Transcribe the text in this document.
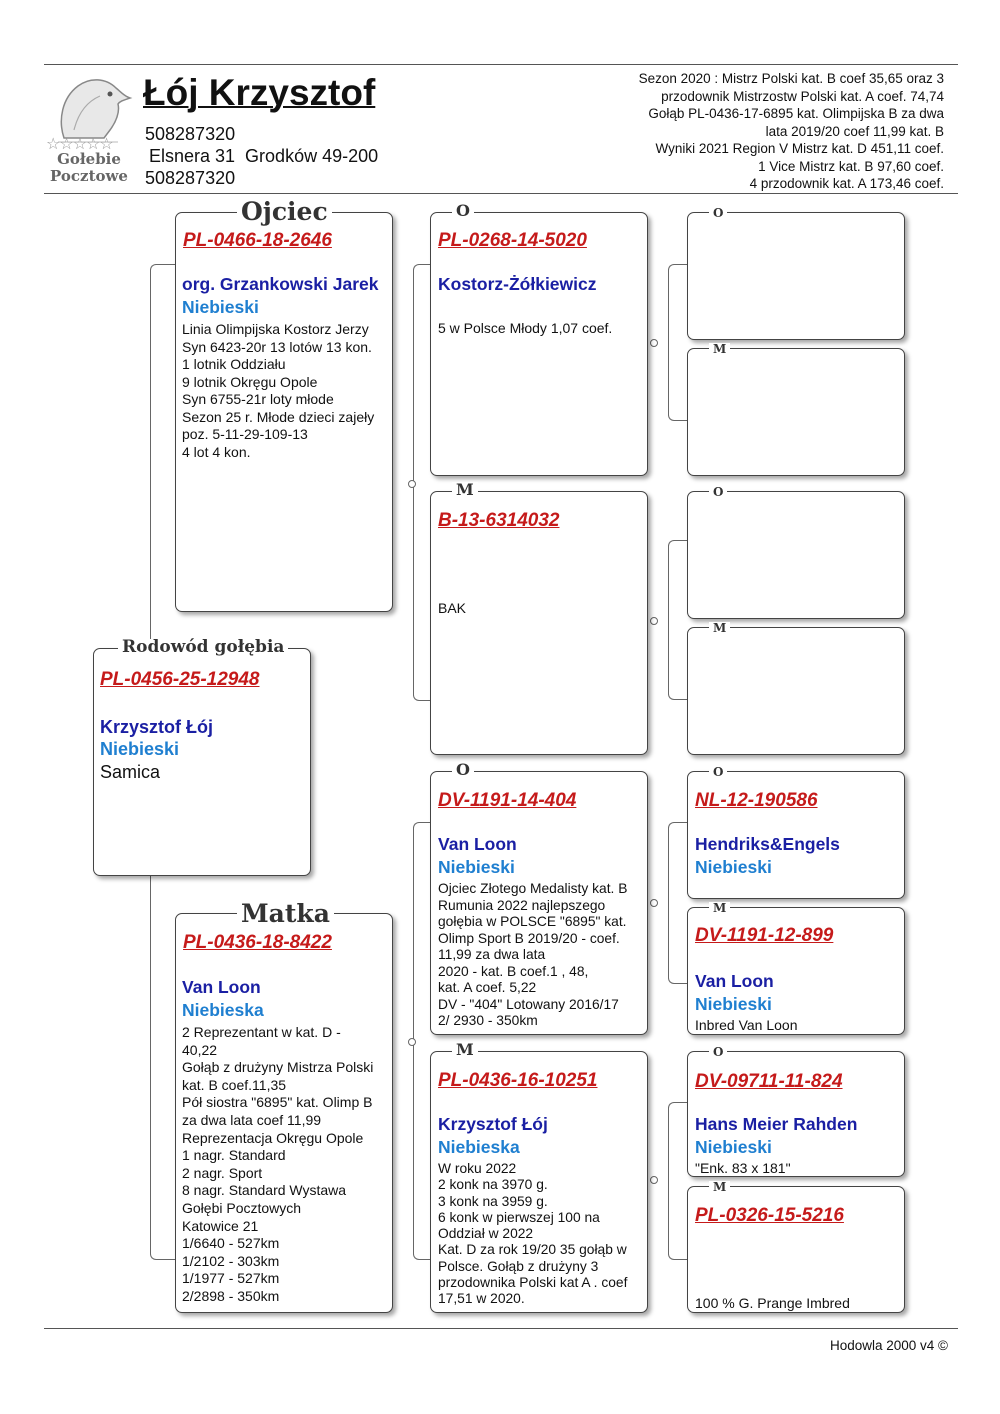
☆☆☆☆☆
Gołebie
Pocztowe
Łój Krzysztof
508287320
Elsnera 31  Grodków 49-200
508287320
Sezon 2020 : Mistrz Polski kat. B coef 35,65 oraz 3
przodownik Mistrzostw Polski kat. A coef. 74,74
Gołąb PL-0436-17-6895 kat. Olimpijska B za dwa
lata 2019/20 coef 11,99 kat. B
Wyniki 2021 Region V Mistrz kat. D 451,11 coef.
1 Vice Mistrz kat. B 97,60 coef.
4 przodownik kat. A 173,46 coef.
PL-0456-25-12948
Krzysztof Łój
Niebieski
Samica
Rodowód gołębia
PL-0466-18-2646
org. Grzankowski Jarek
Niebieski
Linia Olimpijska Kostorz Jerzy
Syn 6423-20r 13 lotów 13 kon.
1 lotnik Oddziału
9 lotnik Okręgu Opole
Syn 6755-21r loty młode
Sezon 25 r. Młode dzieci zajeły
poz. 5-11-29-109-13
4 lot 4 kon.
Ojciec
PL-0436-18-8422
Van Loon
Niebieska
2 Reprezentant w kat. D -
40,22
Gołąb z drużyny Mistrza Polski
kat. B coef.11,35
Pół siostra "6895" kat. Olimp B
za dwa lata coef 11,99
Reprezentacja Okręgu Opole
1 nagr. Standard
2 nagr. Sport
8 nagr. Standard Wystawa
Gołębi Pocztowych
Katowice 21
1/6640 - 527km
1/2102 - 303km
1/1977 - 527km
2/2898 - 350km
Matka
PL-0268-14-5020
Kostorz-Żółkiewicz
5 w Polsce Młody 1,07 coef.
O
B-13-6314032
BAK
M
DV-1191-14-404
Van Loon
Niebieski
Ojciec Złotego Medalisty kat. B
Rumunia 2022 najlepszego
gołębia w POLSCE "6895" kat.
Olimp Sport B 2019/20 - coef.
11,99 za dwa lata
2020 - kat. B coef.1 , 48,
kat. A coef. 5,22
DV - "404" Lotowany 2016/17
2/ 2930 - 350km
O
PL-0436-16-10251
Krzysztof Łój
Niebieska
W roku 2022
2 konk na 3970 g.
3 konk na 3959 g.
6 konk w pierwszej 100 na
Oddział w 2022
Kat. D za rok 19/20 35 gołąb w
Polsce. Gołąb z drużyny 3
przodownika Polski kat A . coef
17,51 w 2020.
M
O
M
O
M
NL-12-190586
Hendriks&Engels
Niebieski
O
DV-1191-12-899
Van Loon
Niebieski
Inbred Van Loon
M
DV-09711-11-824
Hans Meier Rahden
Niebieski
"Enk. 83 x 181"
O
PL-0326-15-5216
100 % G. Prange Imbred
M
Hodowla 2000 v4 ©
